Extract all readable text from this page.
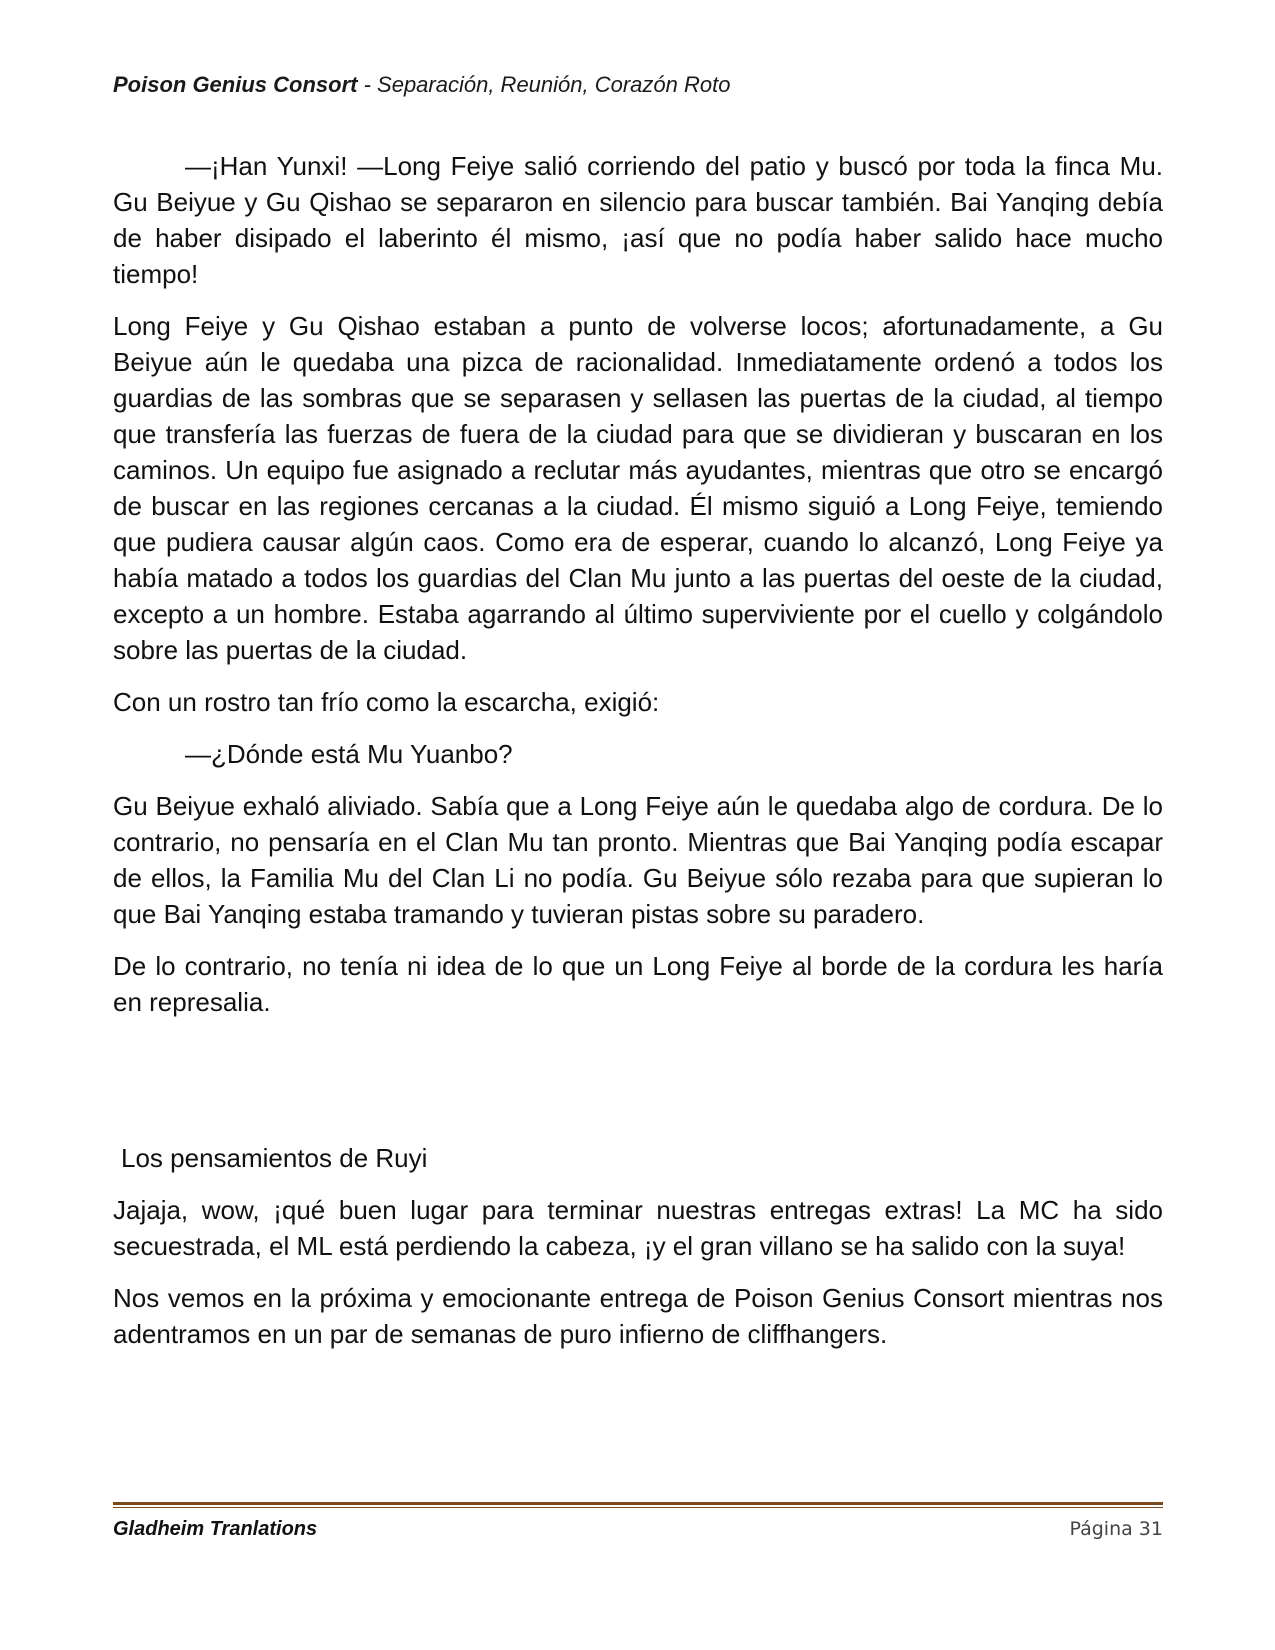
Poison Genius Consort - Separación, Reunión, Corazón Roto

—¡Han Yunxi! —Long Feiye salió corriendo del patio y buscó por toda la finca Mu. Gu Beiyue y Gu Qishao se separaron en silencio para buscar también. Bai Yanqing debía de haber disipado el laberinto él mismo, ¡así que no podía haber salido hace mucho tiempo!

Long Feiye y Gu Qishao estaban a punto de volverse locos; afortunadamente, a Gu Beiyue aún le quedaba una pizca de racionalidad. Inmediatamente ordenó a todos los guardias de las sombras que se separasen y sellasen las puertas de la ciudad, al tiempo que transfería las fuerzas de fuera de la ciudad para que se dividieran y buscaran en los caminos. Un equipo fue asignado a reclutar más ayudantes, mientras que otro se encargó de buscar en las regiones cercanas a la ciudad. Él mismo siguió a Long Feiye, temiendo que pudiera causar algún caos. Como era de esperar, cuando lo alcanzó, Long Feiye ya había matado a todos los guardias del Clan Mu junto a las puertas del oeste de la ciudad, excepto a un hombre. Estaba agarrando al último superviviente por el cuello y colgándolo sobre las puertas de la ciudad.

Con un rostro tan frío como la escarcha, exigió:

—¿Dónde está Mu Yuanbo?

Gu Beiyue exhaló aliviado. Sabía que a Long Feiye aún le quedaba algo de cordura. De lo contrario, no pensaría en el Clan Mu tan pronto. Mientras que Bai Yanqing podía escapar de ellos, la Familia Mu del Clan Li no podía. Gu Beiyue sólo rezaba para que supieran lo que Bai Yanqing estaba tramando y tuvieran pistas sobre su paradero.

De lo contrario, no tenía ni idea de lo que un Long Feiye al borde de la cordura les haría en represalia.

Los pensamientos de Ruyi

Jajaja, wow, ¡qué buen lugar para terminar nuestras entregas extras! La MC ha sido secuestrada, el ML está perdiendo la cabeza, ¡y el gran villano se ha salido con la suya!

Nos vemos en la próxima y emocionante entrega de Poison Genius Consort mientras nos adentramos en un par de semanas de puro infierno de cliffhangers.

Gladheim Tranlations	Página 31
